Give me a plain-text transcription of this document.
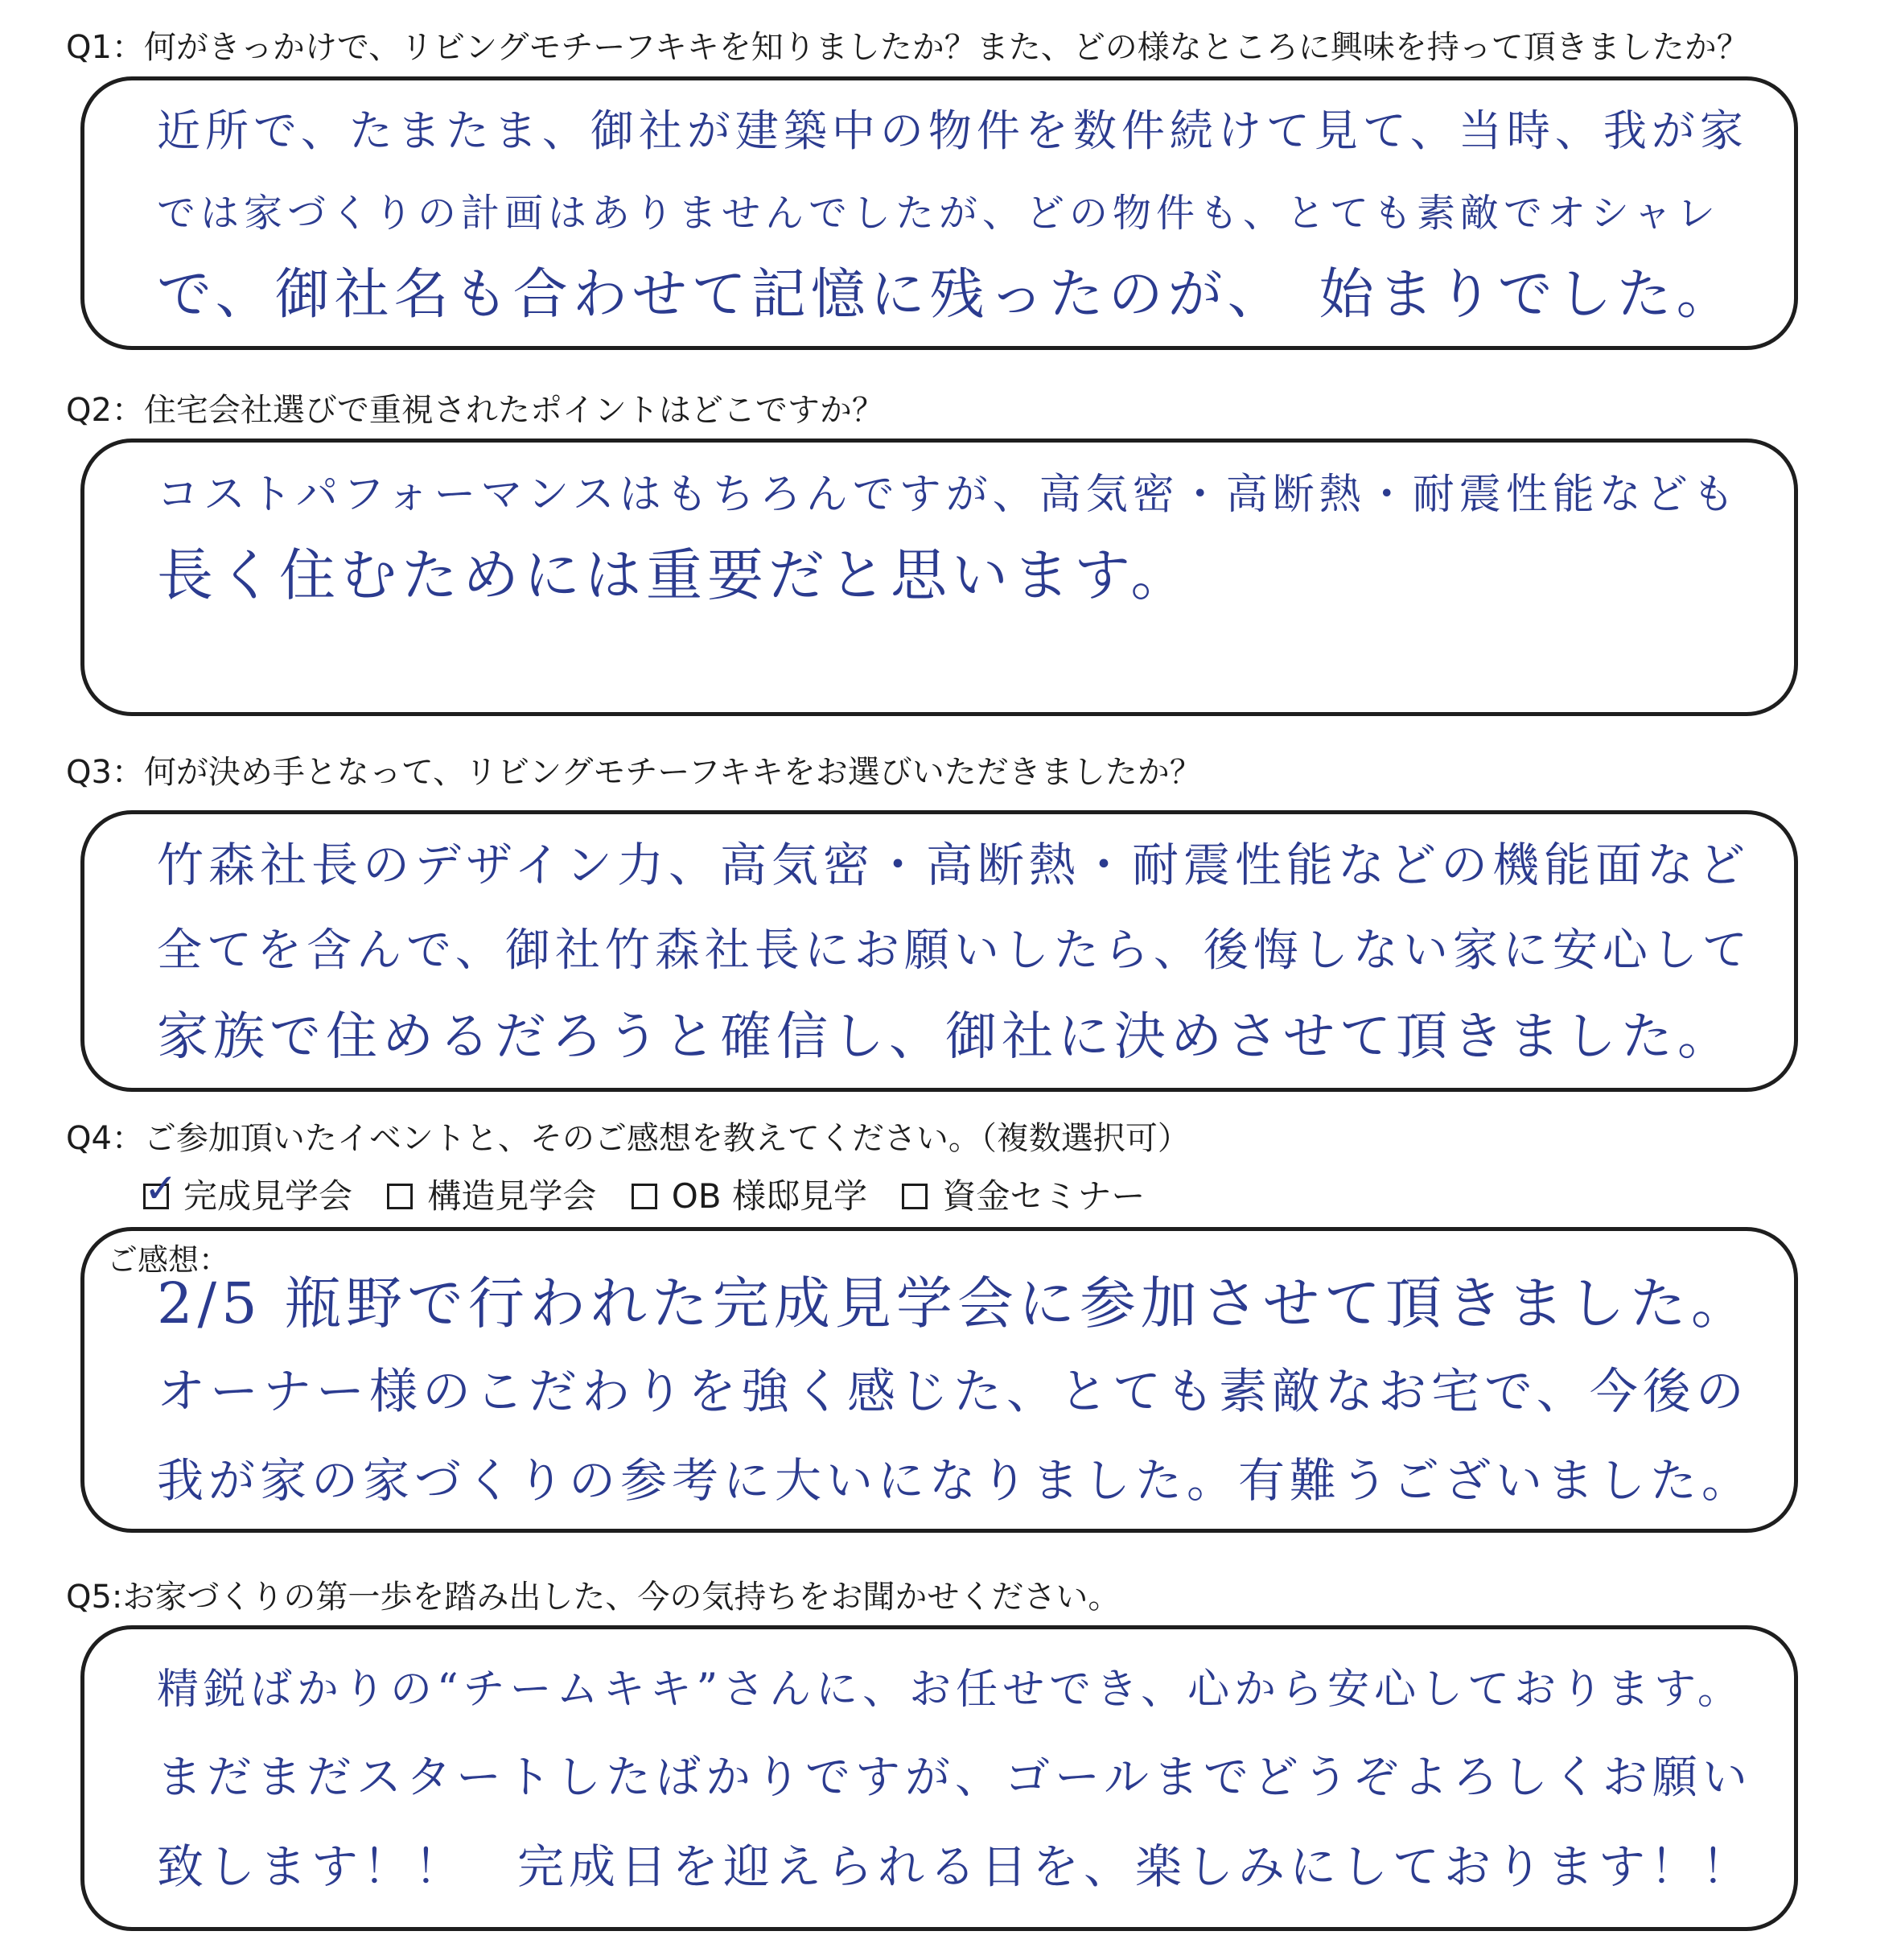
Q1：何がきっかけで、リビングモチーフキキを知りましたか？また、どの様なところに興味を持って頂きましたか？
近所で、たまたま、御社が建築中の物件を数件続けて見て、当時、我が家
では家づくりの計画はありませんでしたが、どの物件も、とても素敵でオシャレ
で、御社名も合わせて記憶に残ったのが、　始まりでした。
Q2：住宅会社選びで重視されたポイントはどこですか？
コストパフォーマンスはもちろんですが、高気密・高断熱・耐震性能なども
長く住むためには重要だと思います。
Q3：何が決め手となって、リビングモチーフキキをお選びいただきましたか？
竹森社長のデザイン力、高気密・高断熱・耐震性能などの機能面など
全てを含んで、御社竹森社長にお願いしたら、後悔しない家に安心して
家族で住めるだろうと確信し、御社に決めさせて頂きました。
Q4：ご参加頂いたイベントと、そのご感想を教えてください。（複数選択可）
✓ 完成見学会 構造見学会 OB 様邸見学 資金セミナー
ご感想：
2/5 瓶野で行われた完成見学会に参加させて頂きました。
オーナー様のこだわりを強く感じた、とても素敵なお宅で、今後の
我が家の家づくりの参考に大いになりました。有難うございました。
Q5:お家づくりの第一歩を踏み出した、今の気持ちをお聞かせください。
精鋭ばかりの“チームキキ”さんに、お任せでき、心から安心しております。
まだまだスタートしたばかりですが、ゴールまでどうぞよろしくお願い
致します！！　完成日を迎えられる日を、楽しみにしております！！
